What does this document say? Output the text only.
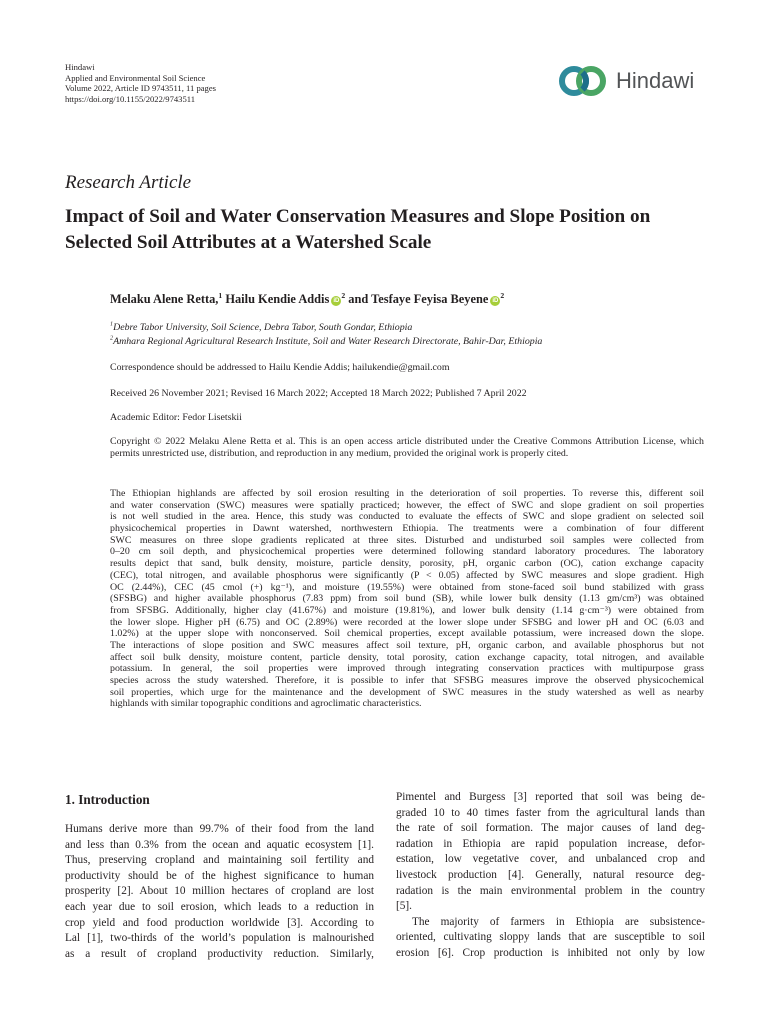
Hindawi
Applied and Environmental Soil Science
Volume 2022, Article ID 9743511, 11 pages
https://doi.org/10.1155/2022/9743511
Hindawi
Research Article
Impact of Soil and Water Conservation Measures and Slope Position on Selected Soil Attributes at a Watershed Scale
Melaku Alene Retta,$^1$ Hailu Kendie Addis $iD^2$ and Tesfaye Feyisa Beyene $iD^2$
$^1$Debre Tabor University, Soil Science, Debra Tabor, South Gondar, Ethiopia
$^2$Amhara Regional Agricultural Research Institute, Soil and Water Research Directorate, Bahir-Dar, Ethiopia
Correspondence should be addressed to Hailu Kendie Addis; hailukendie@gmail.com
Received 26 November 2021; Revised 16 March 2022; Accepted 18 March 2022; Published 7 April 2022
Academic Editor: Fedor Lisetskii
Copyright © 2022 Melaku Alene Retta et al. This is an open access article distributed under the Creative Commons Attribution License, which permits unrestricted use, distribution, and reproduction in any medium, provided the original work is properly cited.
The Ethiopian highlands are affected by soil erosion resulting in the deterioration of soil properties. To reverse this, different soil
and water conservation (SWC) measures were spatially practiced; however, the effect of SWC and slope gradient on soil properties
is not well studied in the area. Hence, this study was conducted to evaluate the effects of SWC and slope gradient on selected soil
physicochemical properties in Dawnt watershed, northwestern Ethiopia. The treatments were a combination of four different
SWC measures on three slope gradients replicated at three sites. Disturbed and undisturbed soil samples were collected from
0–20 cm soil depth, and physicochemical properties were determined following standard laboratory procedures. The laboratory
results depict that sand, bulk density, moisture, particle density, porosity, pH, organic carbon (OC), cation exchange capacity
(CEC), total nitrogen, and available phosphorus were significantly (P < 0.05) affected by SWC measures and slope gradient. High
OC (2.44%), CEC (45 cmol (+) kg⁻¹), and moisture (19.55%) were obtained from stone-faced soil bund stabilized with grass
(SFSBG) and higher available phosphorus (7.83 ppm) from soil bund (SB), while lower bulk density (1.13 gm/cm³) was obtained
from SFSBG. Additionally, higher clay (41.67%) and moisture (19.81%), and lower bulk density (1.14 g·cm⁻³) were obtained from
the lower slope. Higher pH (6.75) and OC (2.89%) were recorded at the lower slope under SFSBG and lower pH and OC (6.03 and
1.02%) at the upper slope with nonconserved. Soil chemical properties, except available potassium, were increased down the slope.
The interactions of slope position and SWC measures affect soil texture, pH, organic carbon, and available phosphorus but not
affect soil bulk density, moisture content, particle density, total porosity, cation exchange capacity, total nitrogen, and available
potassium. In general, the soil properties were improved through integrating conservation practices with multipurpose grass
species across the study watershed. Therefore, it is possible to infer that SFSBG measures improve the observed physicochemical
soil properties, which urge for the maintenance and the development of SWC measures in the study watershed as well as nearby
highlands with similar topographic conditions and agroclimatic characteristics.
1. Introduction
Humans derive more than 99.7% of their food from the land
and less than 0.3% from the ocean and aquatic ecosystem [1].
Thus, preserving cropland and maintaining soil fertility and
productivity should be of the highest significance to human
prosperity [2]. About 10 million hectares of cropland are lost
each year due to soil erosion, which leads to a reduction in
crop yield and food production worldwide [3]. According to
Lal [1], two-thirds of the world’s population is malnourished
as a result of cropland productivity reduction. Similarly,
Pimentel and Burgess [3] reported that soil was being de-
graded 10 to 40 times faster from the agricultural lands than
the rate of soil formation. The major causes of land deg-
radation in Ethiopia are rapid population increase, defor-
estation, low vegetative cover, and unbalanced crop and
livestock production [4]. Generally, natural resource deg-
radation is the main environmental problem in the country
[5].
The majority of farmers in Ethiopia are subsistence-
oriented, cultivating sloppy lands that are susceptible to soil
erosion [6]. Crop production is inhibited not only by low
